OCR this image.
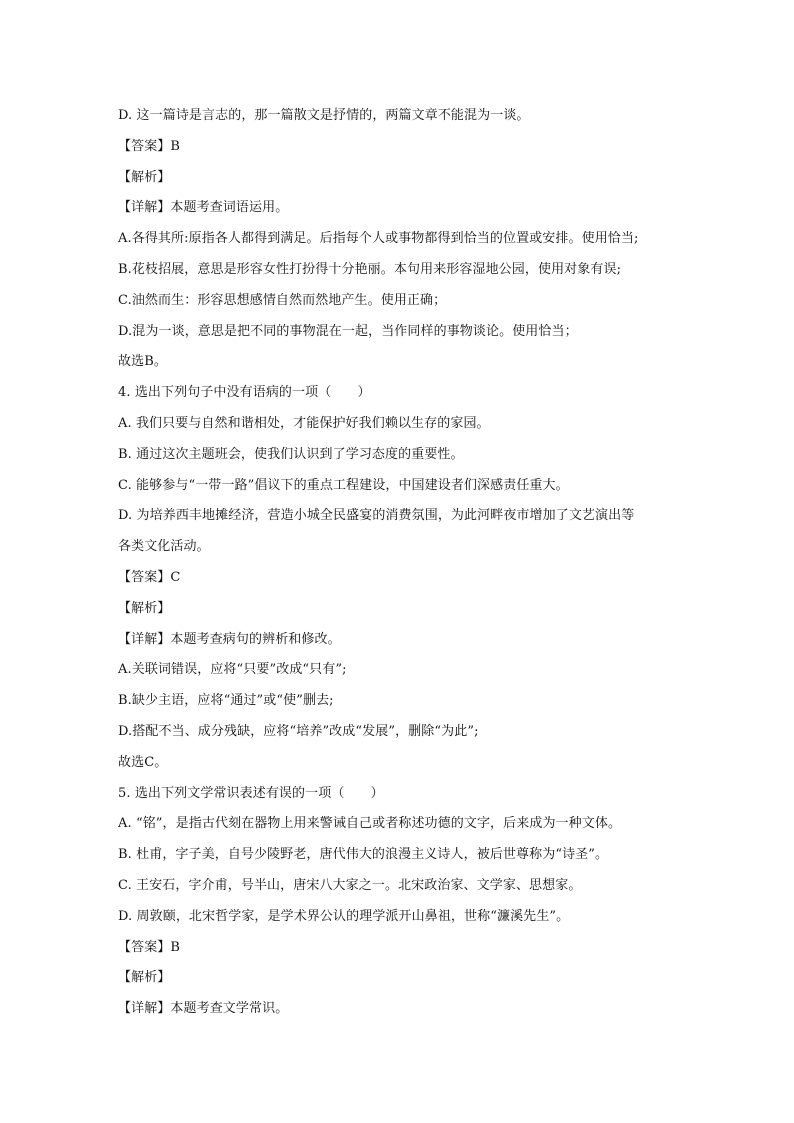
D. 这一篇诗是言志的，那一篇散文是抒情的，两篇文章不能混为一谈。
【答案】B
【解析】
【详解】本题考查词语运用。
A.各得其所:原指各人都得到满足。后指每个人或事物都得到恰当的位置或安排。使用恰当;
B.花枝招展，意思是形容女性打扮得十分艳丽。本句用来形容湿地公园，使用对象有误;
C.油然而生：形容思想感情自然而然地产生。使用正确；
D.混为一谈，意思是把不同的事物混在一起，当作同样的事物谈论。使用恰当；
故选B。
4. 选出下列句子中没有语病的一项（　　）
A. 我们只要与自然和谐相处，才能保护好我们赖以生存的家园。
B. 通过这次主题班会，使我们认识到了学习态度的重要性。
C. 能够参与“一带一路”倡议下的重点工程建设，中国建设者们深感责任重大。
D. 为培养西丰地摊经济，营造小城全民盛宴的消费氛围，为此河畔夜市增加了文艺演出等
各类文化活动。
【答案】C
【解析】
【详解】本题考查病句的辨析和修改。
A.关联词错误，应将“只要”改成“只有”;
B.缺少主语，应将“通过”或“使”删去;
D.搭配不当、成分残缺，应将“培养”改成“发展”，删除“为此”;
故选C。
5. 选出下列文学常识表述有误的一项（　　）
A. “铭”，是指古代刻在器物上用来警诫自己或者称述功德的文字，后来成为一种文体。
B. 杜甫，字子美，自号少陵野老，唐代伟大的浪漫主义诗人，被后世尊称为“诗圣”。
C. 王安石，字介甫，号半山，唐宋八大家之一。北宋政治家、文学家、思想家。
D. 周敦颐，北宋哲学家，是学术界公认的理学派开山鼻祖，世称“濂溪先生”。
【答案】B
【解析】
【详解】本题考查文学常识。
